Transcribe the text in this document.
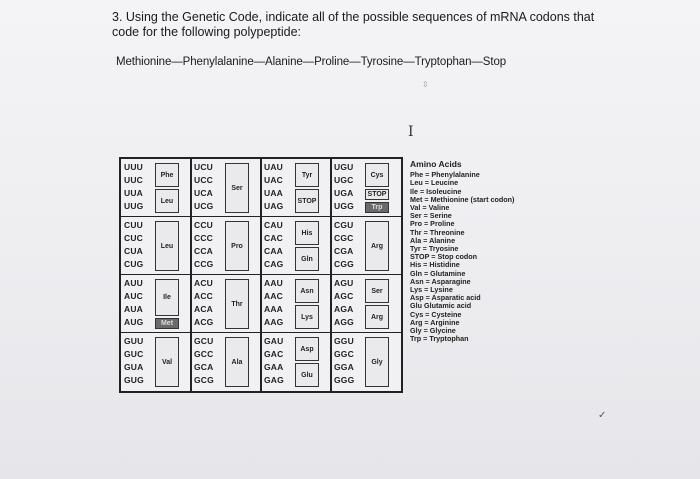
3. Using the Genetic Code, indicate all of the possible sequences of mRNA codons that
code for the following polypeptide:
Methionine—Phenylalanine—Alanine—Proline—Tyrosine—Tryptophan—Stop
⇳
I
UUU
UUC
UUA
UUG
Phe
Leu
CUU
CUC
CUA
CUG
Leu
AUU
AUC
AUA
AUG
Ile
Met
GUU
GUC
GUA
GUG
Val
UCU
UCC
UCA
UCG
Ser
CCU
CCC
CCA
CCG
Pro
ACU
ACC
ACA
ACG
Thr
GCU
GCC
GCA
GCG
Ala
UAU
UAC
UAA
UAG
Tyr
STOP
CAU
CAC
CAA
CAG
His
Gln
AAU
AAC
AAA
AAG
Asn
Lys
GAU
GAC
GAA
GAG
Asp
Glu
UGU
UGC
UGA
UGG
Cys
STOP
Trp
CGU
CGC
CGA
CGG
Arg
AGU
AGC
AGA
AGG
Ser
Arg
GGU
GGC
GGA
GGG
Gly
Amino Acids
Phe = Phenylalanine
Leu = Leucine
Ile = Isoleucine
Met = Methionine (start codon)
Val = Valine
Ser = Serine
Pro = Proline
Thr = Threonine
Ala = Alanine
Tyr = Tryosine
STOP = Stop codon
His = Histidine
Gln = Glutamine
Asn = Asparagine
Lys = Lysine
Asp = Asparatic acid
Glu Glutamic acid
Cys = Cysteine
Arg = Arginine
Gly = Glycine
Trp = Tryptophan
✓
